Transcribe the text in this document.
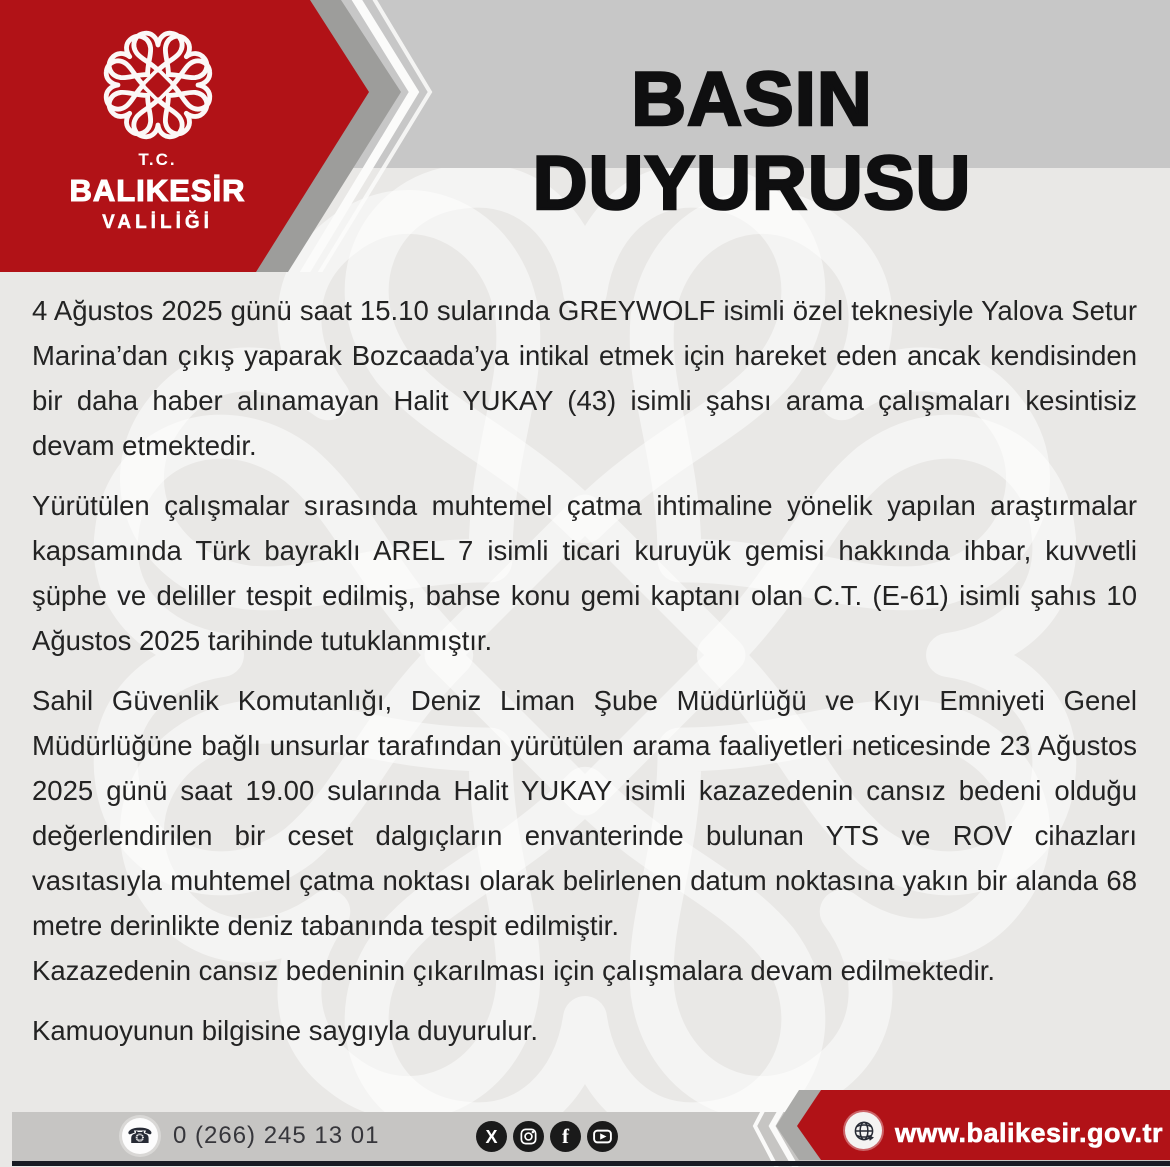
BASIN DUYURUSU
T.C.
BALIKESİR
VALİLİĞİ

4 Ağustos 2025 günü saat 15.10 sularında GREYWOLF isimli özel teknesiyle Yalova Setur Marina’dan çıkış yaparak Bozcaada’ya intikal etmek için hareket eden ancak kendisinden bir daha haber alınamayan Halit YUKAY (43) isimli şahsı arama çalışmaları kesintisiz devam etmektedir.

Yürütülen çalışmalar sırasında muhtemel çatma ihtimaline yönelik yapılan araştırmalar kapsamında Türk bayraklı AREL 7 isimli ticari kuruyük gemisi hakkında ihbar, kuvvetli şüphe ve deliller tespit edilmiş, bahse konu gemi kaptanı olan C.T. (E-61) isimli şahıs 10 Ağustos 2025 tarihinde tutuklanmıştır.

Sahil Güvenlik Komutanlığı, Deniz Liman Şube Müdürlüğü ve Kıyı Emniyeti Genel Müdürlüğüne bağlı unsurlar tarafından yürütülen arama faaliyetleri neticesinde 23 Ağustos 2025 günü saat 19.00 sularında Halit YUKAY isimli kazazedenin cansız bedeni olduğu değerlendirilen bir ceset dalgıçların envanterinde bulunan YTS ve ROV cihazları vasıtasıyla muhtemel çatma noktası olarak belirlenen datum noktasına yakın bir alanda 68 metre derinlikte deniz tabanında tespit edilmiştir.

Kazazedenin cansız bedeninin çıkarılması için çalışmalara devam edilmektedir.

Kamuoyunun bilgisine saygıyla duyurulur.

☎ 0 (266) 245 13 01	X	f	www.balikesir.gov.tr
